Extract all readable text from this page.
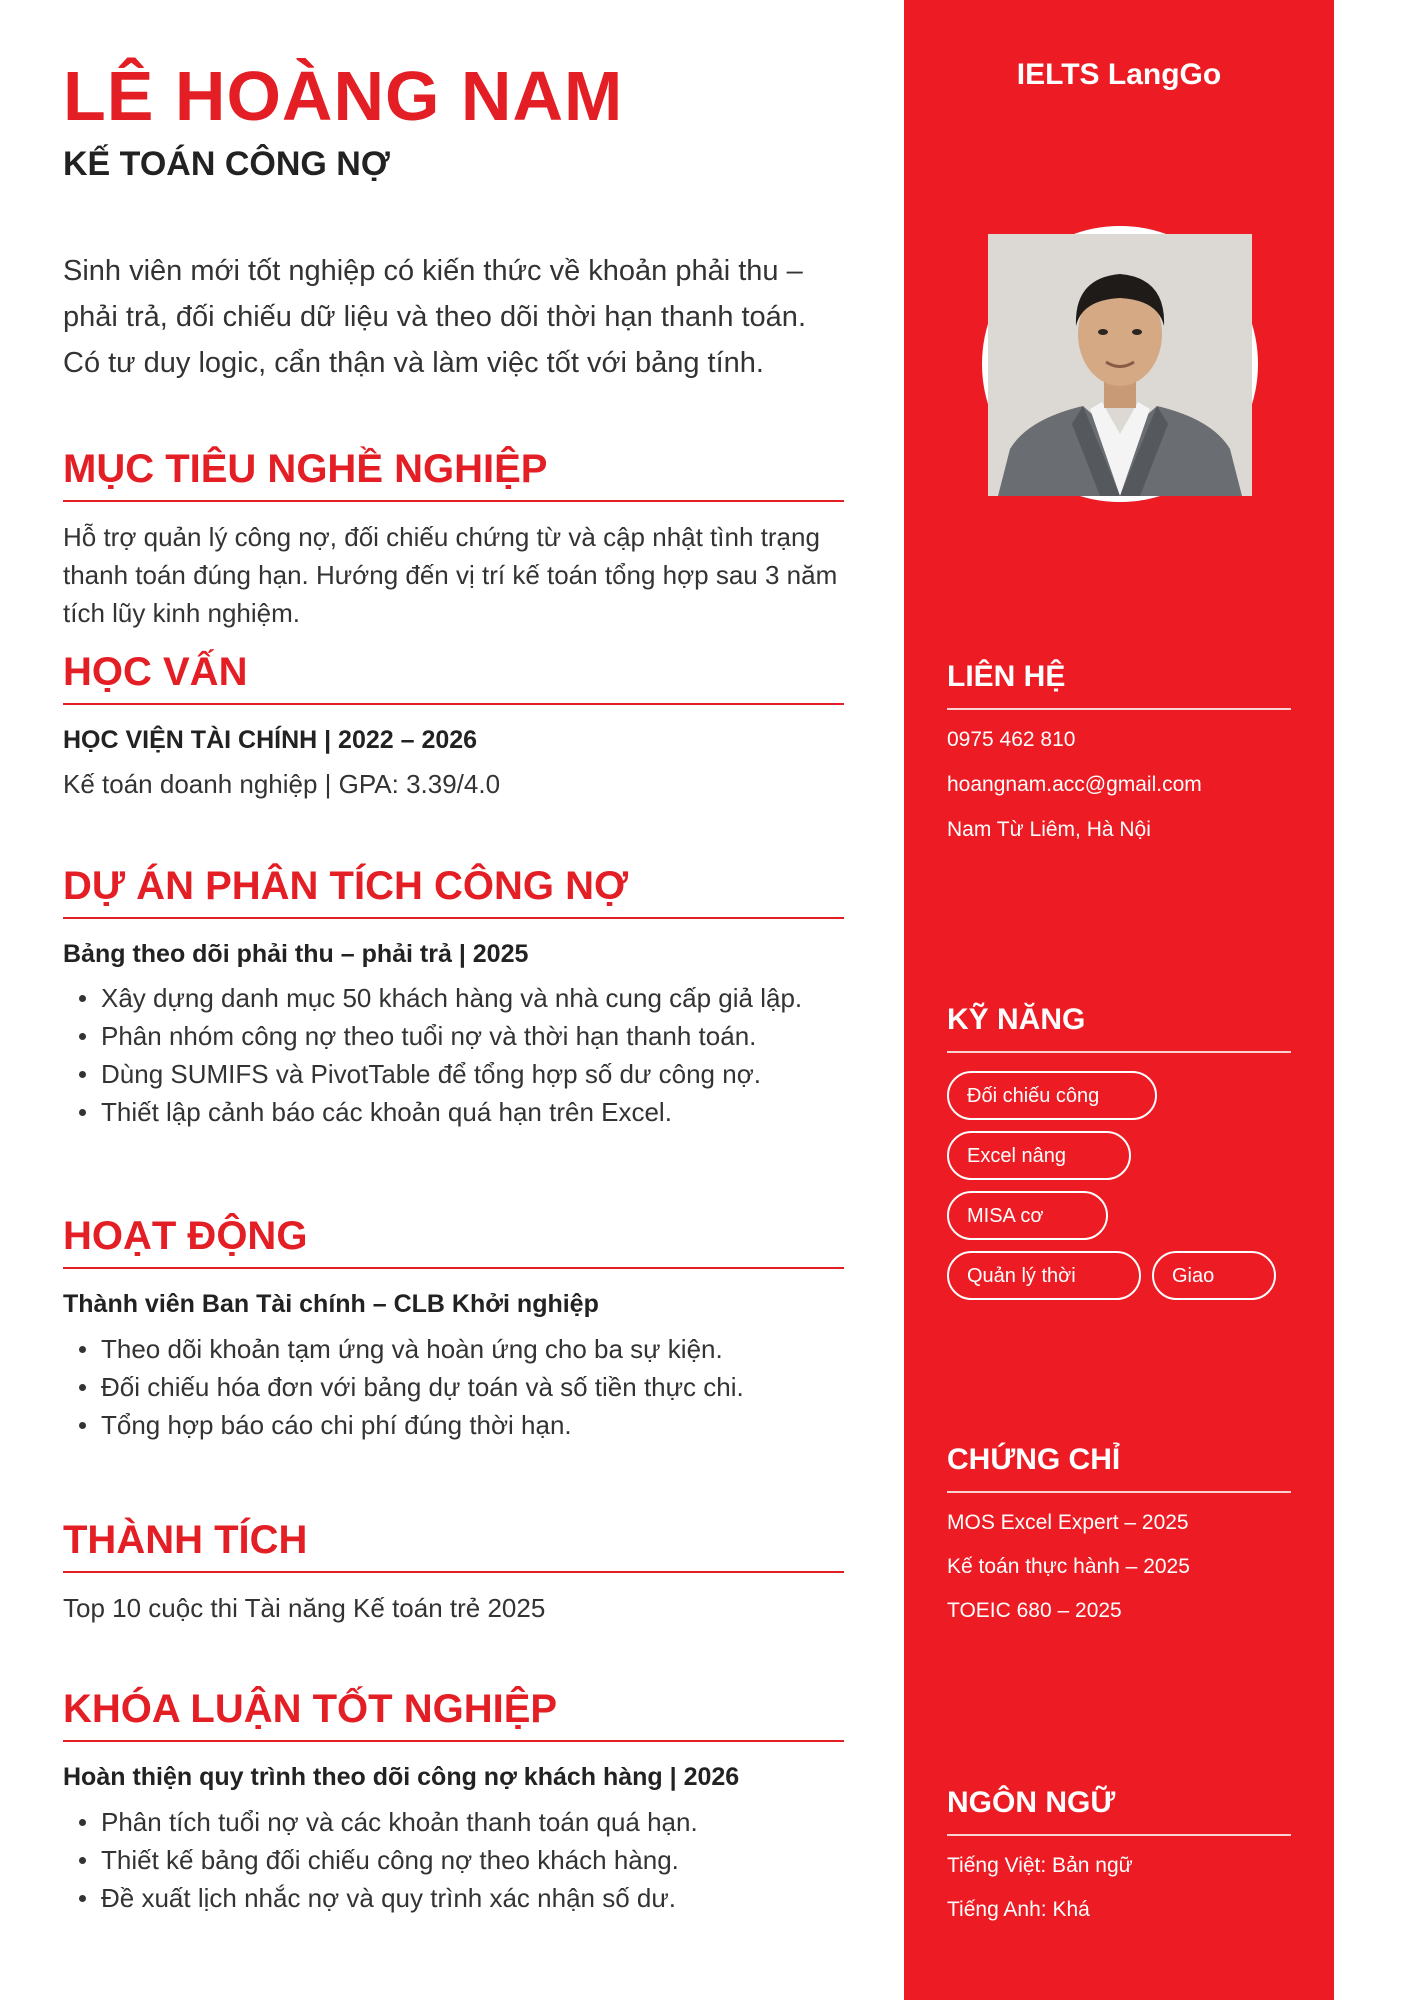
LÊ HOÀNG NAM
KẾ TOÁN CÔNG NỢ
Sinh viên mới tốt nghiệp có kiến thức về khoản phải thu – phải trả, đối chiếu dữ liệu và theo dõi thời hạn thanh toán. Có tư duy logic, cẩn thận và làm việc tốt với bảng tính.
MỤC TIÊU NGHỀ NGHIỆP
Hỗ trợ quản lý công nợ, đối chiếu chứng từ và cập nhật tình trạng thanh toán đúng hạn. Hướng đến vị trí kế toán tổng hợp sau 3 năm tích lũy kinh nghiệm.
HỌC VẤN
HỌC VIỆN TÀI CHÍNH | 2022 – 2026
Kế toán doanh nghiệp | GPA: 3.39/4.0
DỰ ÁN PHÂN TÍCH CÔNG NỢ
Bảng theo dõi phải thu – phải trả | 2025
Xây dựng danh mục 50 khách hàng và nhà cung cấp giả lập.
Phân nhóm công nợ theo tuổi nợ và thời hạn thanh toán.
Dùng SUMIFS và PivotTable để tổng hợp số dư công nợ.
Thiết lập cảnh báo các khoản quá hạn trên Excel.
HOẠT ĐỘNG
Thành viên Ban Tài chính – CLB Khởi nghiệp
Theo dõi khoản tạm ứng và hoàn ứng cho ba sự kiện.
Đối chiếu hóa đơn với bảng dự toán và số tiền thực chi.
Tổng hợp báo cáo chi phí đúng thời hạn.
THÀNH TÍCH
Top 10 cuộc thi Tài năng Kế toán trẻ 2025
KHÓA LUẬN TỐT NGHIỆP
Hoàn thiện quy trình theo dõi công nợ khách hàng | 2026
Phân tích tuổi nợ và các khoản thanh toán quá hạn.
Thiết kế bảng đối chiếu công nợ theo khách hàng.
Đề xuất lịch nhắc nợ và quy trình xác nhận số dư.
IELTS LangGo
LIÊN HỆ
0975 462 810
hoangnam.acc@gmail.com
Nam Từ Liêm, Hà Nội
KỸ NĂNG
Đối chiếu công
Excel nâng
MISA cơ
Quản lý thời	Giao
CHỨNG CHỈ
MOS Excel Expert – 2025
Kế toán thực hành – 2025
TOEIC 680 – 2025
NGÔN NGỮ
Tiếng Việt: Bản ngữ
Tiếng Anh: Khá
